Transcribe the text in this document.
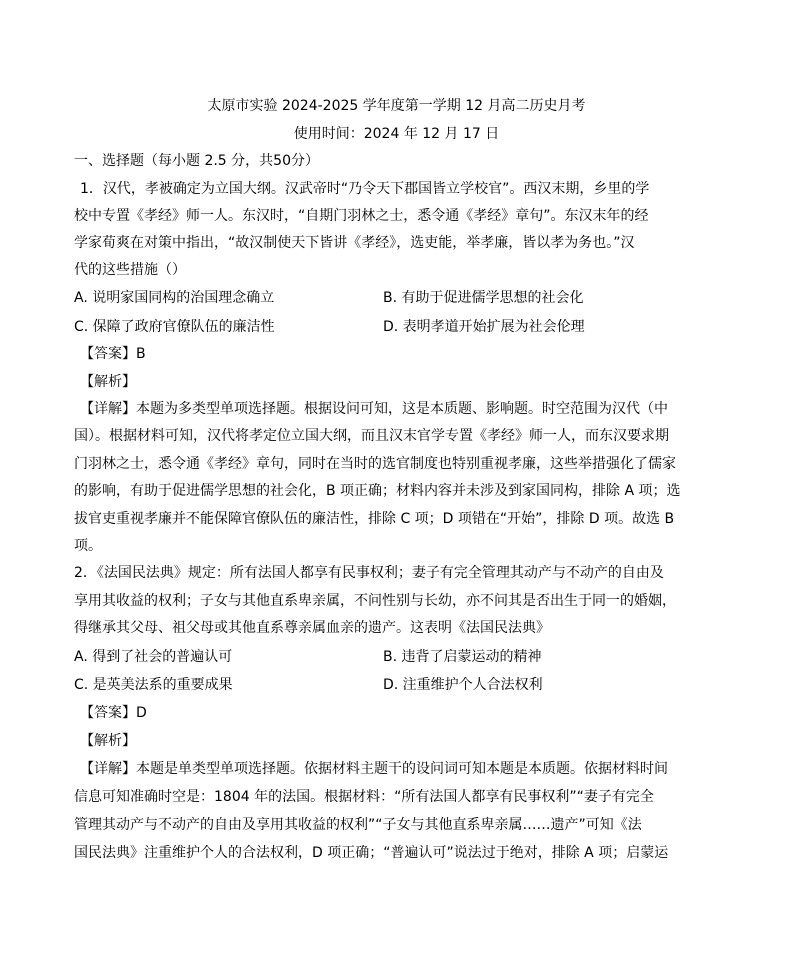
太原市实验 2024-2025 学年度第一学期 12 月高二历史月考
使用时间：2024 年 12 月 17 日
一、选择题（每小题 2.5 分，共50分）
1．汉代，孝被确定为立国大纲。汉武帝时“乃令天下郡国皆立学校官”。西汉末期，乡里的学
校中专置《孝经》师一人。东汉时，“自期门羽林之士，悉令通《孝经》章句”。东汉末年的经
学家荀爽在对策中指出，“故汉制使天下皆讲《孝经》，选吏能，举孝廉，皆以孝为务也。”汉
代的这些措施（）
A. 说明家国同构的治国理念确立	B. 有助于促进儒学思想的社会化
C. 保障了政府官僚队伍的廉洁性	D. 表明孝道开始扩展为社会伦理
【答案】B
【解析】
【详解】本题为多类型单项选择题。根据设问可知，这是本质题、影响题。时空范围为汉代（中
国）。根据材料可知，汉代将孝定位立国大纲，而且汉末官学专置《孝经》师一人，而东汉要求期
门羽林之士，悉令通《孝经》章句，同时在当时的选官制度也特别重视孝廉，这些举措强化了儒家
的影响，有助于促进儒学思想的社会化，B 项正确；材料内容并未涉及到家国同构，排除 A 项；选
拔官吏重视孝廉并不能保障官僚队伍的廉洁性，排除 C 项；D 项错在“开始”，排除 D 项。故选 B
项。
2．《法国民法典》规定：所有法国人都享有民事权利；妻子有完全管理其动产与不动产的自由及
享用其收益的权利；子女与其他直系卑亲属，不问性别与长幼，亦不问其是否出生于同一的婚姻，
得继承其父母、祖父母或其他直系尊亲属血亲的遗产。这表明《法国民法典》
A. 得到了社会的普遍认可	B. 违背了启蒙运动的精神
C. 是英美法系的重要成果	D. 注重维护个人合法权利
【答案】D
【解析】
【详解】本题是单类型单项选择题。依据材料主题干的设问词可知本题是本质题。依据材料时间
信息可知准确时空是：1804 年的法国。根据材料：“所有法国人都享有民事权利”“妻子有完全
管理其动产与不动产的自由及享用其收益的权利”“子女与其他直系卑亲属……遗产”可知《法
国民法典》注重维护个人的合法权利，D 项正确；“普遍认可”说法过于绝对，排除 A 项；启蒙运
